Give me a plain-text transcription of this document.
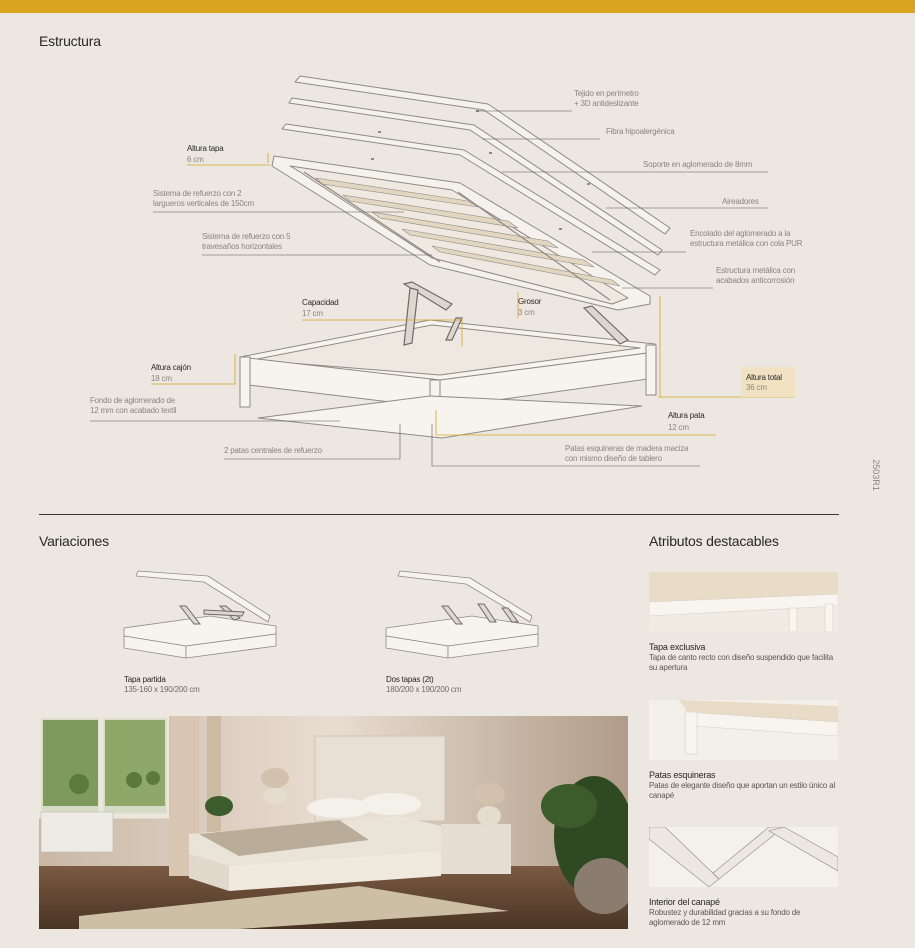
Estructura
Tejido en perímetro
+ 3D antideslizante
Fibra hipoalergénica
Soporte en aglomerado de 8mm
Aireadores
Encolado del aglomerado a la
estructura metálica con cola PUR
Estructura metálica con
acabados anticorrosión
Altura tapa
6 cm
Sistema de refuerzo con 2
largueros verticales de 150cm
Sistema de refuerzo con 5
travesaños horizontales
Capacidad
17 cm
Grosor
3 cm
Altura cajón
18 cm
Fondo de aglomerado de
12 mm con acabado textil
Altura total
36 cm
Altura pata
12 cm
2 patas centrales de refuerzo	Patas esquineras de madera maciza
con mismo diseño de tablero
2503R1
Variaciones
Tapa partida
135-160 x 190/200 cm
Dos tapas (2t)
180/200 x 190/200 cm
Atributos destacables
Tapa exclusiva
Tapa de canto recto con diseño suspendido que facilita su apertura
Patas esquineras
Patas de elegante diseño que aportan un estilo único al canapé
Interior del canapé
Robustez y durabilidad gracias a su fondo de aglomerado de 12 mm
